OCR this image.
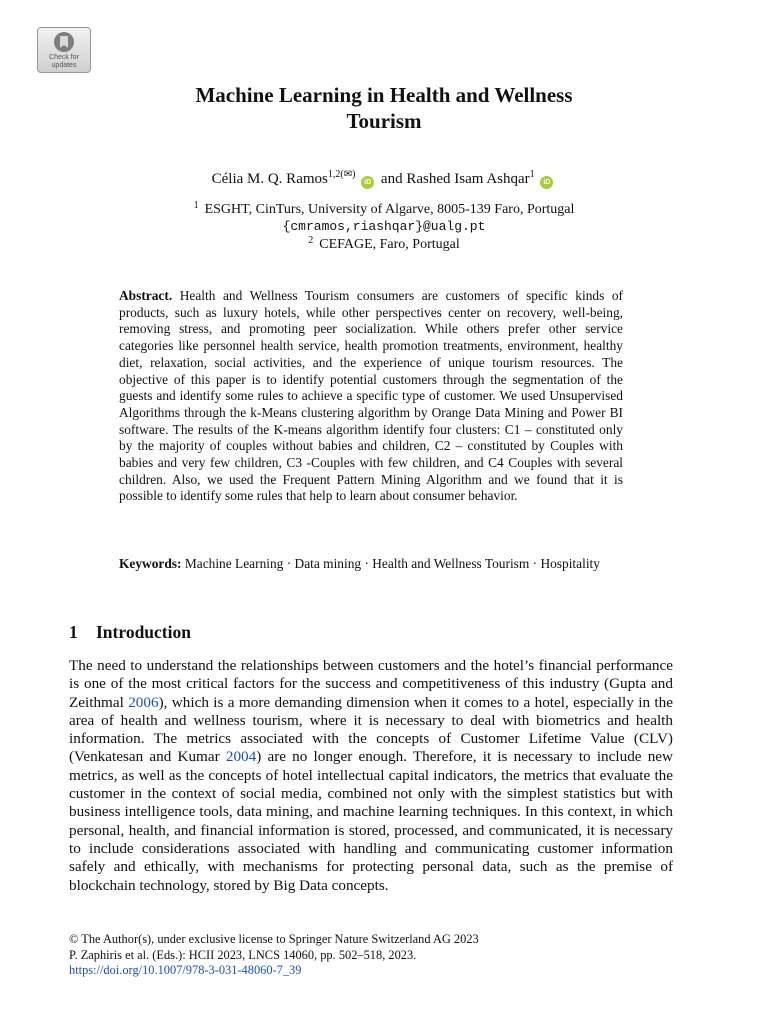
Check for
updates
Machine Learning in Health and Wellness
Tourism
Célia M. Q. Ramos$^{1,2(✉)}$ iD and Rashed Isam Ashqar$^1$ iD
$^1$ ESGHT, CinTurs, University of Algarve, 8005-139 Faro, Portugal
{cmramos,riashqar}@ualg.pt
$^2$ CEFAGE, Faro, Portugal

Abstract. Health and Wellness Tourism consumers are customers of specific kinds of products, such as luxury hotels, while other perspectives center on recovery, well-being, removing stress, and promoting peer socialization. While others prefer other service categories like personnel health service, health promotion treatments, environment, healthy diet, relaxation, social activities, and the experience of unique tourism resources. The objective of this paper is to identify potential customers through the segmentation of the guests and identify some rules to achieve a specific type of customer. We used Unsupervised Algorithms through the k-Means clustering algorithm by Orange Data Mining and Power BI software. The results of the K-means algorithm identify four clusters: C1 – constituted only by the majority of couples without babies and children, C2 – constituted by Couples with babies and very few children, C3 -Couples with few children, and C4 Couples with several children. Also, we used the Frequent Pattern Mining Algorithm and we found that it is possible to identify some rules that help to learn about consumer behavior.

Keywords: Machine Learning · Data mining · Health and Wellness Tourism · Hospitality

1 Introduction

The need to understand the relationships between customers and the hotel’s financial performance is one of the most critical factors for the success and competitiveness of this industry (Gupta and Zeithmal 2006), which is a more demanding dimension when it comes to a hotel, especially in the area of health and wellness tourism, where it is necessary to deal with biometrics and health information. The metrics associated with the concepts of Customer Lifetime Value (CLV) (Venkatesan and Kumar 2004) are no longer enough. Therefore, it is necessary to include new metrics, as well as the concepts of hotel intellectual capital indicators, the metrics that evaluate the customer in the context of social media, combined not only with the simplest statistics but with business intelligence tools, data mining, and machine learning techniques. In this context, in which personal, health, and financial information is stored, processed, and communicated, it is necessary to include considerations associated with handling and communicating customer information safely and ethically, with mechanisms for protecting personal data, such as the premise of blockchain technology, stored by Big Data concepts.

© The Author(s), under exclusive license to Springer Nature Switzerland AG 2023
P. Zaphiris et al. (Eds.): HCII 2023, LNCS 14060, pp. 502–518, 2023.
https://doi.org/10.1007/978-3-031-48060-7_39
